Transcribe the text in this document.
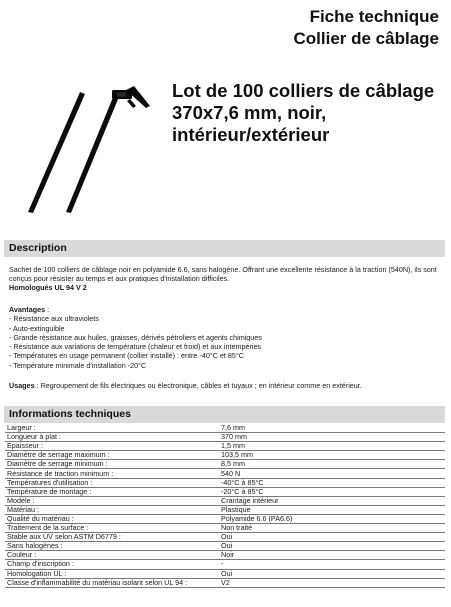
Fiche technique
Collier de câblage
Lot de 100 colliers de câblage 370x7,6 mm, noir, intérieur/extérieur
Description

Sachet de 100 colliers de câblage noir en polyamide 6.6, sans halogène. Offrant une excellente résistance à la traction (540N), ils sont conçus pour résister au temps et aux pratiques d'installation difficiles.

Homologués UL 94 V 2

Avantages :
- Résistance aux ultraviolets
- Auto-extinguible
- Grande résistance aux huiles, graisses, dérivés pétroliers et agents chimiques
- Résistance aux variations de température (chaleur et froid) et aux intempéries
- Températures en usage permanent (collier installé) : entre -40°C et 85°C
- Température minimale d'installation -20°C
Usages : Regroupement de fils électriques ou électronique, câbles et tuyaux ; en intérieur comme en extérieur.
Informations techniques
Largeur :	7,6 mm
Longueur à plat :	370 mm
Epaisseur :	1,5 mm
Diamètre de serrage maximum :	103,5 mm
Diamètre de serrage minimum :	8,5 mm
Résistance de traction minimum :	540 N
Températures d'utilisation :	-40°C à 85°C
Température de montage :	-20°C à 85°C
Modèle :	Crantage intérieur
Matériau :	Plastique
Qualité du matériau :	Polyamide 6.6 (PA6.6)
Traitement de la surface :	Non traité
Stable aux UV selon ASTM D6779 :	Oui
Sans halogènes :	Oui
Couleur :	Noir
Champ d'inscription :	-
Homologation UL :	Oui
Classe d'inflammabilité du matériau isolant selon UL 94 :	V2
